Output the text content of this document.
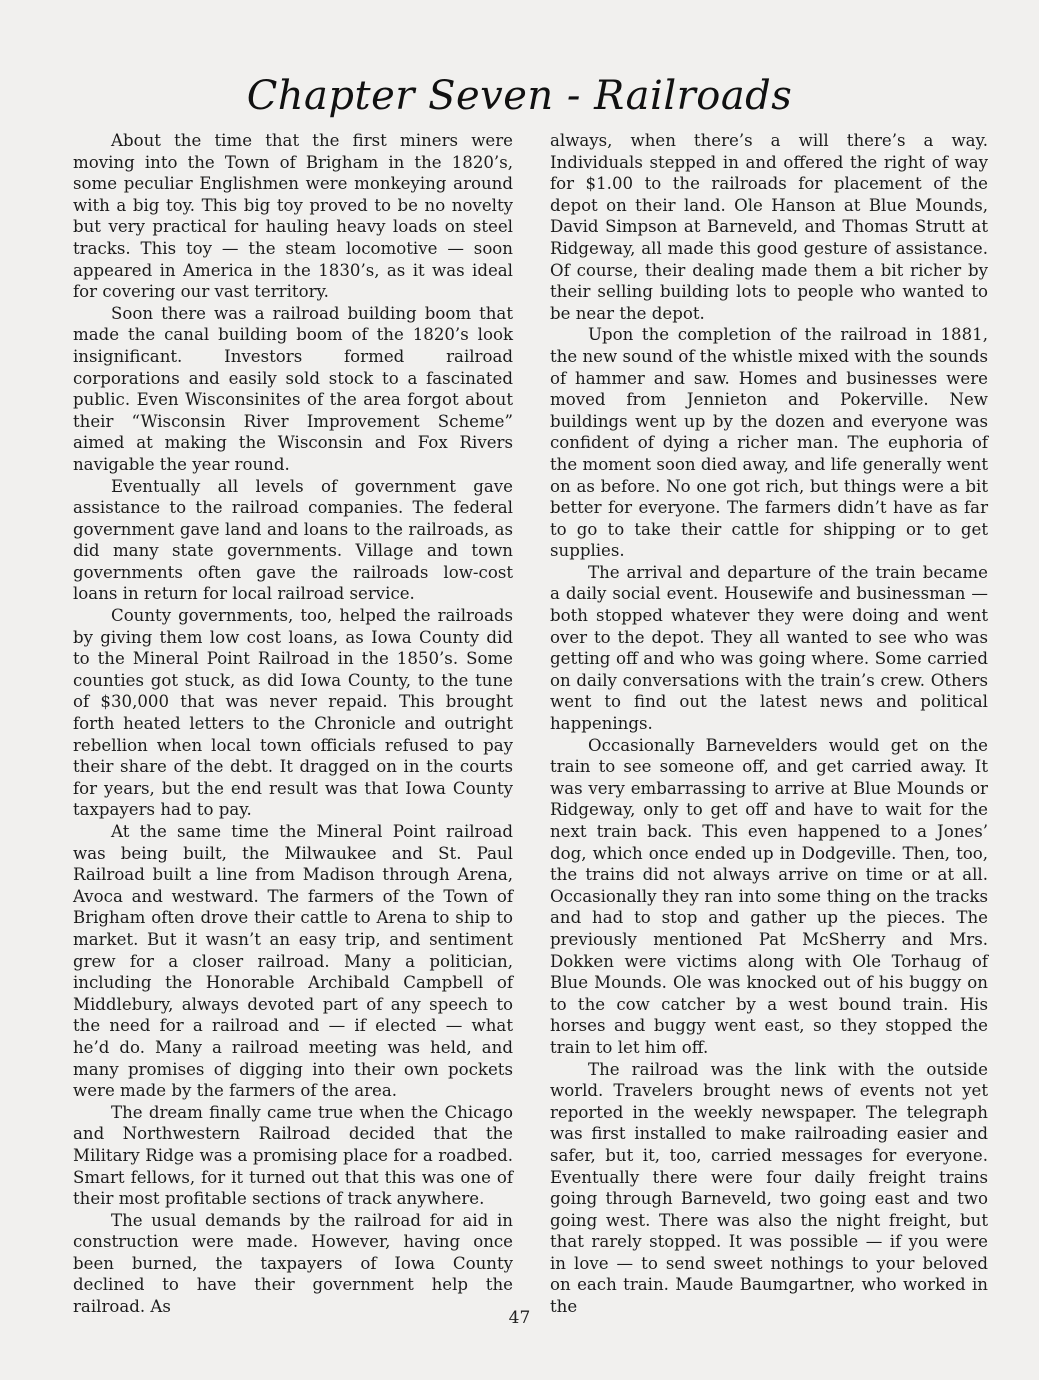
Chapter Seven - Railroads

About the time that the first miners were moving into the Town of Brigham in the 1820’s, some peculiar Englishmen were monkeying around with a big toy. This big toy proved to be no novelty but very practical for hauling heavy loads on steel tracks. This toy — the steam locomotive — soon appeared in America in the 1830’s, as it was ideal for covering our vast territory.

Soon there was a railroad building boom that made the canal building boom of the 1820’s look insignificant. Investors formed railroad corporations and easily sold stock to a fascinated public. Even Wisconsinites of the area forgot about their “Wisconsin River Improvement Scheme” aimed at making the Wisconsin and Fox Rivers navigable the year round.

Eventually all levels of government gave assistance to the railroad companies. The federal government gave land and loans to the railroads, as did many state governments. Village and town governments often gave the railroads low-cost loans in return for local railroad service.

County governments, too, helped the railroads by giving them low cost loans, as Iowa County did to the Mineral Point Railroad in the 1850’s. Some counties got stuck, as did Iowa County, to the tune of $30,000 that was never repaid. This brought forth heated letters to the Chronicle and outright rebellion when local town officials refused to pay their share of the debt. It dragged on in the courts for years, but the end result was that Iowa County taxpayers had to pay.

At the same time the Mineral Point railroad was being built, the Milwaukee and St. Paul Railroad built a line from Madison through Arena, Avoca and westward. The farmers of the Town of Brigham often drove their cattle to Arena to ship to market. But it wasn’t an easy trip, and sentiment grew for a closer railroad. Many a politician, including the Honorable Archibald Campbell of Middlebury, always devoted part of any speech to the need for a railroad and — if elected — what he’d do. Many a railroad meeting was held, and many promises of digging into their own pockets were made by the farmers of the area.

The dream finally came true when the Chicago and Northwestern Railroad decided that the Military Ridge was a promising place for a roadbed. Smart fellows, for it turned out that this was one of their most profitable sections of track anywhere.

The usual demands by the railroad for aid in construction were made. However, having once been burned, the taxpayers of Iowa County declined to have their government help the railroad. As

always, when there’s a will there’s a way. Individuals stepped in and offered the right of way for $1.00 to the railroads for placement of the depot on their land. Ole Hanson at Blue Mounds, David Simpson at Barneveld, and Thomas Strutt at Ridgeway, all made this good gesture of assistance. Of course, their dealing made them a bit richer by their selling building lots to people who wanted to be near the depot.

Upon the completion of the railroad in 1881, the new sound of the whistle mixed with the sounds of hammer and saw. Homes and businesses were moved from Jennieton and Pokerville. New buildings went up by the dozen and everyone was confident of dying a richer man. The euphoria of the moment soon died away, and life generally went on as before. No one got rich, but things were a bit better for everyone. The farmers didn’t have as far to go to take their cattle for shipping or to get supplies.

The arrival and departure of the train became a daily social event. Housewife and businessman — both stopped whatever they were doing and went over to the depot. They all wanted to see who was getting off and who was going where. Some carried on daily conversations with the train’s crew. Others went to find out the latest news and political happenings.

Occasionally Barnevelders would get on the train to see someone off, and get carried away. It was very embarrassing to arrive at Blue Mounds or Ridgeway, only to get off and have to wait for the next train back. This even happened to a Jones’ dog, which once ended up in Dodgeville. Then, too, the trains did not always arrive on time or at all. Occasionally they ran into some thing on the tracks and had to stop and gather up the pieces. The previously mentioned Pat McSherry and Mrs. Dokken were victims along with Ole Torhaug of Blue Mounds. Ole was knocked out of his buggy on to the cow catcher by a west bound train. His horses and buggy went east, so they stopped the train to let him off.

The railroad was the link with the outside world. Travelers brought news of events not yet reported in the weekly newspaper. The telegraph was first installed to make railroading easier and safer, but it, too, carried messages for everyone. Eventually there were four daily freight trains going through Barneveld, two going east and two going west. There was also the night freight, but that rarely stopped. It was possible — if you were in love — to send sweet nothings to your beloved on each train. Maude Baumgartner, who worked in the

47
